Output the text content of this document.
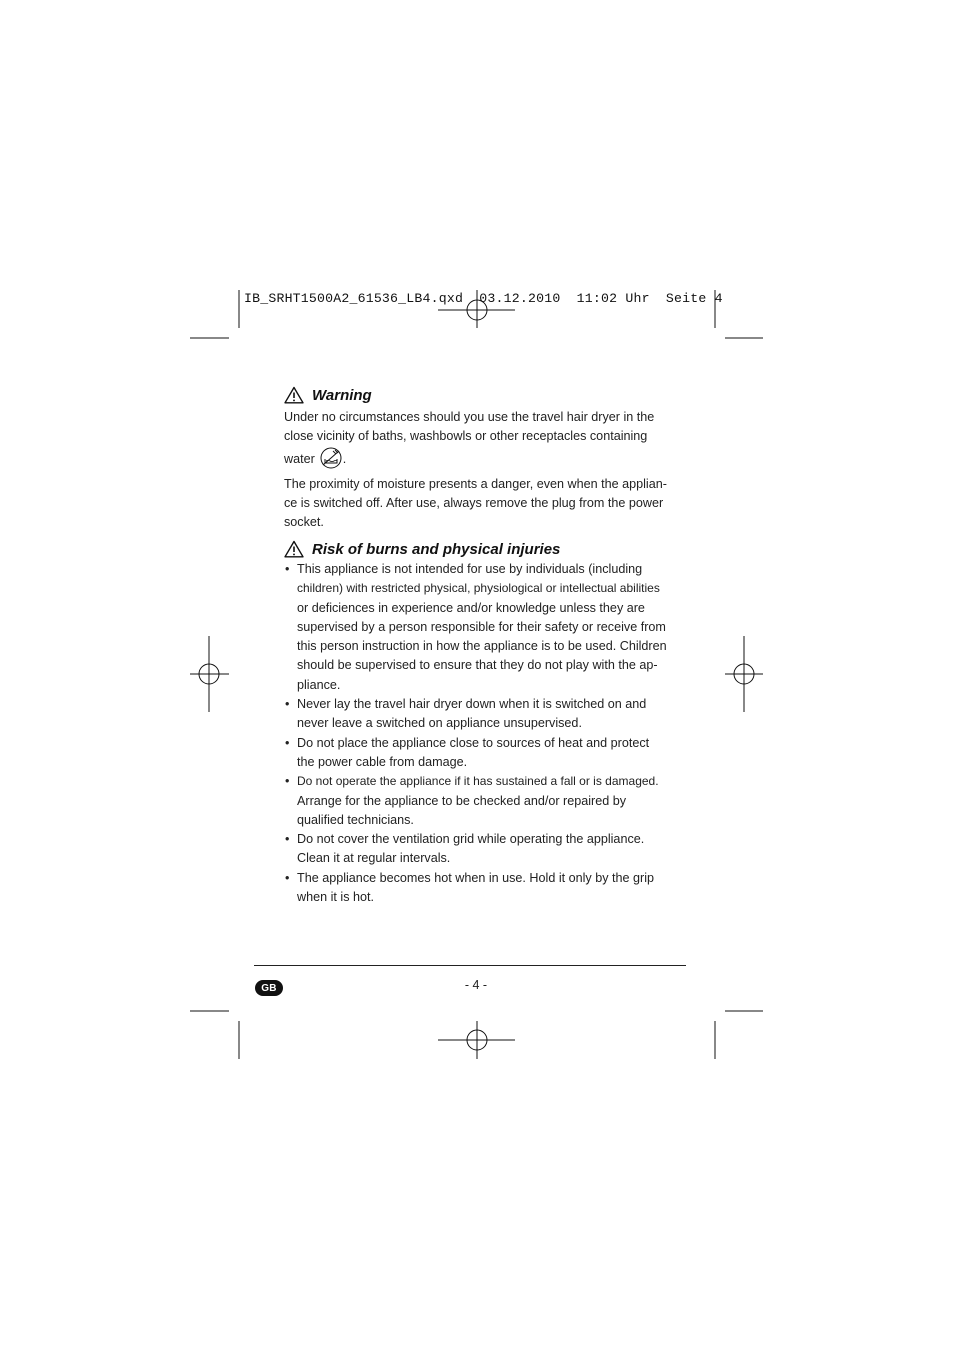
IB_SRHT1500A2_61536_LB4.qxd  03.12.2010  11:02 Uhr  Seite 4
Warning
Under no circumstances should you use the travel hair dryer in the
close vicinity of baths, washbowls or other receptacles containing
water .
The proximity of moisture presents a danger, even when the applian-
ce is switched off. After use, always remove the plug from the power
socket.
Risk of burns and physical injuries
• This appliance is not intended for use by individuals (including
children) with restricted physical, physiological or intellectual abilities
or deficiences in experience and/or knowledge unless they are
supervised by a person responsible for their safety or receive from
this person instruction in how the appliance is to be used. Children
should be supervised to ensure that they do not play with the ap-
pliance.
• Never lay the travel hair dryer down when it is switched on and
never leave a switched on appliance unsupervised.
• Do not place the appliance close to sources of heat and protect
the power cable from damage.
• Do not operate the appliance if it has sustained a fall or is damaged.
Arrange for the appliance to be checked and/or repaired by
qualified technicians.
• Do not cover the ventilation grid while operating the appliance.
Clean it at regular intervals.
• The appliance becomes hot when in use. Hold it only by the grip
when it is hot.
GB	- 4 -
